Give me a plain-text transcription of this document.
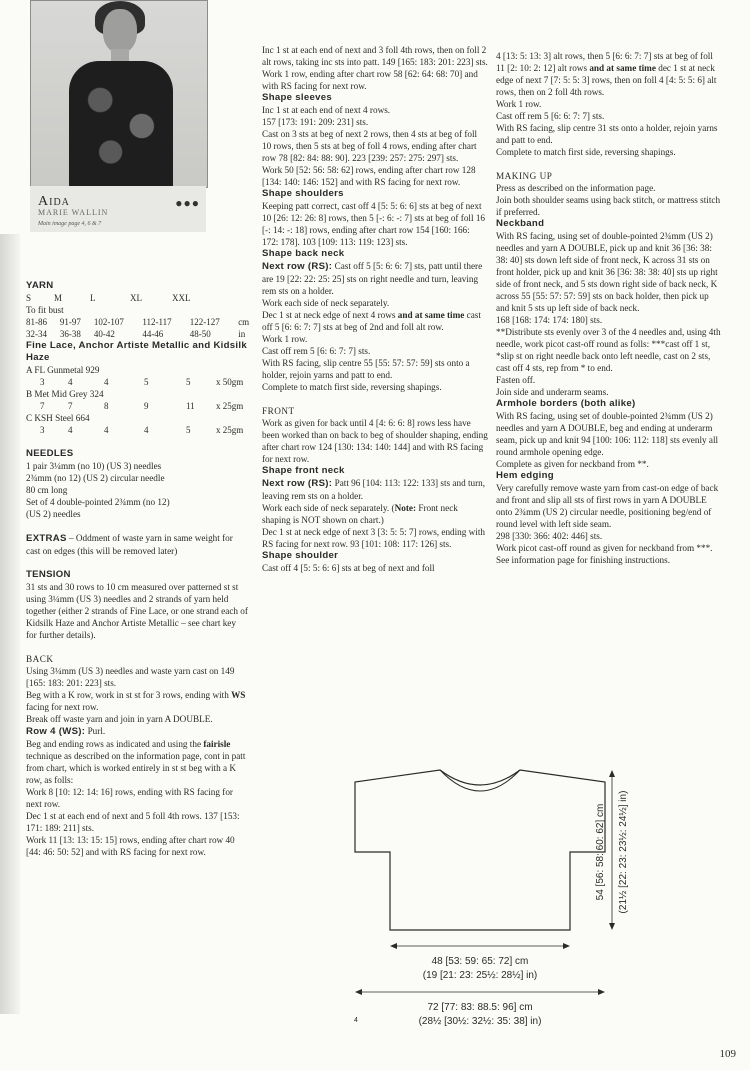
Aida
MARIE WALLIN
Main image page 4, 6 & 7
●●●

YARN

S	M	L	XL	XXL	

To fit bust

81-86	91-97	102-107	112-117	122-127	cm
32-34	36-38	40-42	44-46	48-50	in

Fine Lace, Anchor Artiste Metallic and Kidsilk Haze

A FL Gunmetal 929

3	4	4	5	5	x 50gm

B Met Mid Grey 324

7	7	8	9	11	x 25gm

C KSH Steel 664

3	4	4	4	5	x 25gm

NEEDLES

1 pair 3¼mm (no 10) (US 3) needles

2¾mm (no 12) (US 2) circular needle

80 cm long

Set of 4 double-pointed 2¾mm (no 12)

(US 2) needles

EXTRAS – Oddment of waste yarn in same weight for cast on edges (this will be removed later)

TENSION

31 sts and 30 rows to 10 cm measured over patterned st st using 3¼mm (US 3) needles and 2 strands of yarn held together (either 2 strands of Fine Lace, or one strand each of Kidsilk Haze and Anchor Artiste Metallic – see chart key for further details).

BACK

Using 3¼mm (US 3) needles and waste yarn cast on 149 [165: 183: 201: 223] sts.

Beg with a K row, work in st st for 3 rows, ending with WS facing for next row.

Break off waste yarn and join in yarn A DOUBLE.

Row 4 (WS): Purl.

Beg and ending rows as indicated and using the fairisle technique as described on the information page, cont in patt from chart, which is worked entirely in st st beg with a K row, as folls:

Work 8 [10: 12: 14: 16] rows, ending with RS facing for next row.

Dec 1 st at each end of next and 5 foll 4th rows. 137 [153: 171: 189: 211] sts.

Work 11 [13: 13: 15: 15] rows, ending after chart row 40 [44: 46: 50: 52] and with RS facing for next row.

Inc 1 st at each end of next and 3 foll 4th rows, then on foll 2 alt rows, taking inc sts into patt. 149 [165: 183: 201: 223] sts.

Work 1 row, ending after chart row 58 [62: 64: 68: 70] and with RS facing for next row.

Shape sleeves

Inc 1 st at each end of next 4 rows.

157 [173: 191: 209: 231] sts.

Cast on 3 sts at beg of next 2 rows, then 4 sts at beg of foll 10 rows, then 5 sts at beg of foll 4 rows, ending after chart row 78 [82: 84: 88: 90]. 223 [239: 257: 275: 297] sts.

Work 50 [52: 56: 58: 62] rows, ending after chart row 128 [134: 140: 146: 152] and with RS facing for next row.

Shape shoulders

Keeping patt correct, cast off 4 [5: 5: 6: 6] sts at beg of next 10 [26: 12: 26: 8] rows, then 5 [-: 6: -: 7] sts at beg of foll 16 [-: 14: -: 18] rows, ending after chart row 154 [160: 166: 172: 178]. 103 [109: 113: 119: 123] sts.

Shape back neck

Next row (RS): Cast off 5 [5: 6: 6: 7] sts, patt until there are 19 [22: 22: 25: 25] sts on right needle and turn, leaving rem sts on a holder.

Work each side of neck separately.

Dec 1 st at neck edge of next 4 rows and at same time cast off 5 [6: 6: 7: 7] sts at beg of 2nd and foll alt row.

Work 1 row.

Cast off rem 5 [6: 6: 7: 7] sts.

With RS facing, slip centre 55 [55: 57: 57: 59] sts onto a holder, rejoin yarns and patt to end.

Complete to match first side, reversing shapings.

FRONT

Work as given for back until 4 [4: 6: 6: 8] rows less have been worked than on back to beg of shoulder shaping, ending after chart row 124 [130: 134: 140: 144] and with RS facing for next row.

Shape front neck

Next row (RS): Patt 96 [104: 113: 122: 133] sts and turn, leaving rem sts on a holder.

Work each side of neck separately. (Note: Front neck shaping is NOT shown on chart.)

Dec 1 st at neck edge of next 3 [3: 5: 5: 7] rows, ending with RS facing for next row. 93 [101: 108: 117: 126] sts.

Shape shoulder

Cast off 4 [5: 5: 6: 6] sts at beg of next and foll

4 [13: 5: 13: 3] alt rows, then 5 [6: 6: 7: 7] sts at beg of foll 11 [2: 10: 2: 12] alt rows and at same time dec 1 st at neck edge of next 7 [7: 5: 5: 3] rows, then on foll 4 [4: 5: 5: 6] alt rows, then on 2 foll 4th rows.

Work 1 row.

Cast off rem 5 [6: 6: 7: 7] sts.

With RS facing, slip centre 31 sts onto a holder, rejoin yarns and patt to end.

Complete to match first side, reversing shapings.

MAKING UP

Press as described on the information page.

Join both shoulder seams using back stitch, or mattress stitch if preferred.

Neckband

With RS facing, using set of double-pointed 2¾mm (US 2) needles and yarn A DOUBLE, pick up and knit 36 [36: 38: 38: 40] sts down left side of front neck, K across 31 sts on front holder, pick up and knit 36 [36: 38: 38: 40] sts up right side of front neck, and 5 sts down right side of back neck, K across 55 [55: 57: 57: 59] sts on back holder, then pick up and knit 5 sts up left side of back neck.

168 [168: 174: 174: 180] sts.

**Distribute sts evenly over 3 of the 4 needles and, using 4th needle, work picot cast-off round as folls: ***cast off 1 st, *slip st on right needle back onto left needle, cast on 2 sts, cast off 4 sts, rep from * to end.

Fasten off.

Join side and underarm seams.

Armhole borders (both alike)

With RS facing, using set of double-pointed 2¾mm (US 2) needles and yarn A DOUBLE, beg and ending at underarm seam, pick up and knit 94 [100: 106: 112: 118] sts evenly all round armhole opening edge.

Complete as given for neckband from **.

Hem edging

Very carefully remove waste yarn from cast-on edge of back and front and slip all sts of first rows in yarn A DOUBLE onto 2¾mm (US 2) circular needle, positioning beg/end of round level with left side seam.

298 [330: 366: 402: 446] sts.

Work picot cast-off round as given for neckband from ***.

See information page for finishing instructions.

54 [56: 58: 60: 62] cm (21½ [22: 23: 23½: 24½] in)
48 [53: 59: 65: 72] cm
(19 [21: 23: 25½: 28½] in)
72 [77: 83: 88.5: 96] cm
(28½ [30½: 32½: 35: 38] in)
4
109
